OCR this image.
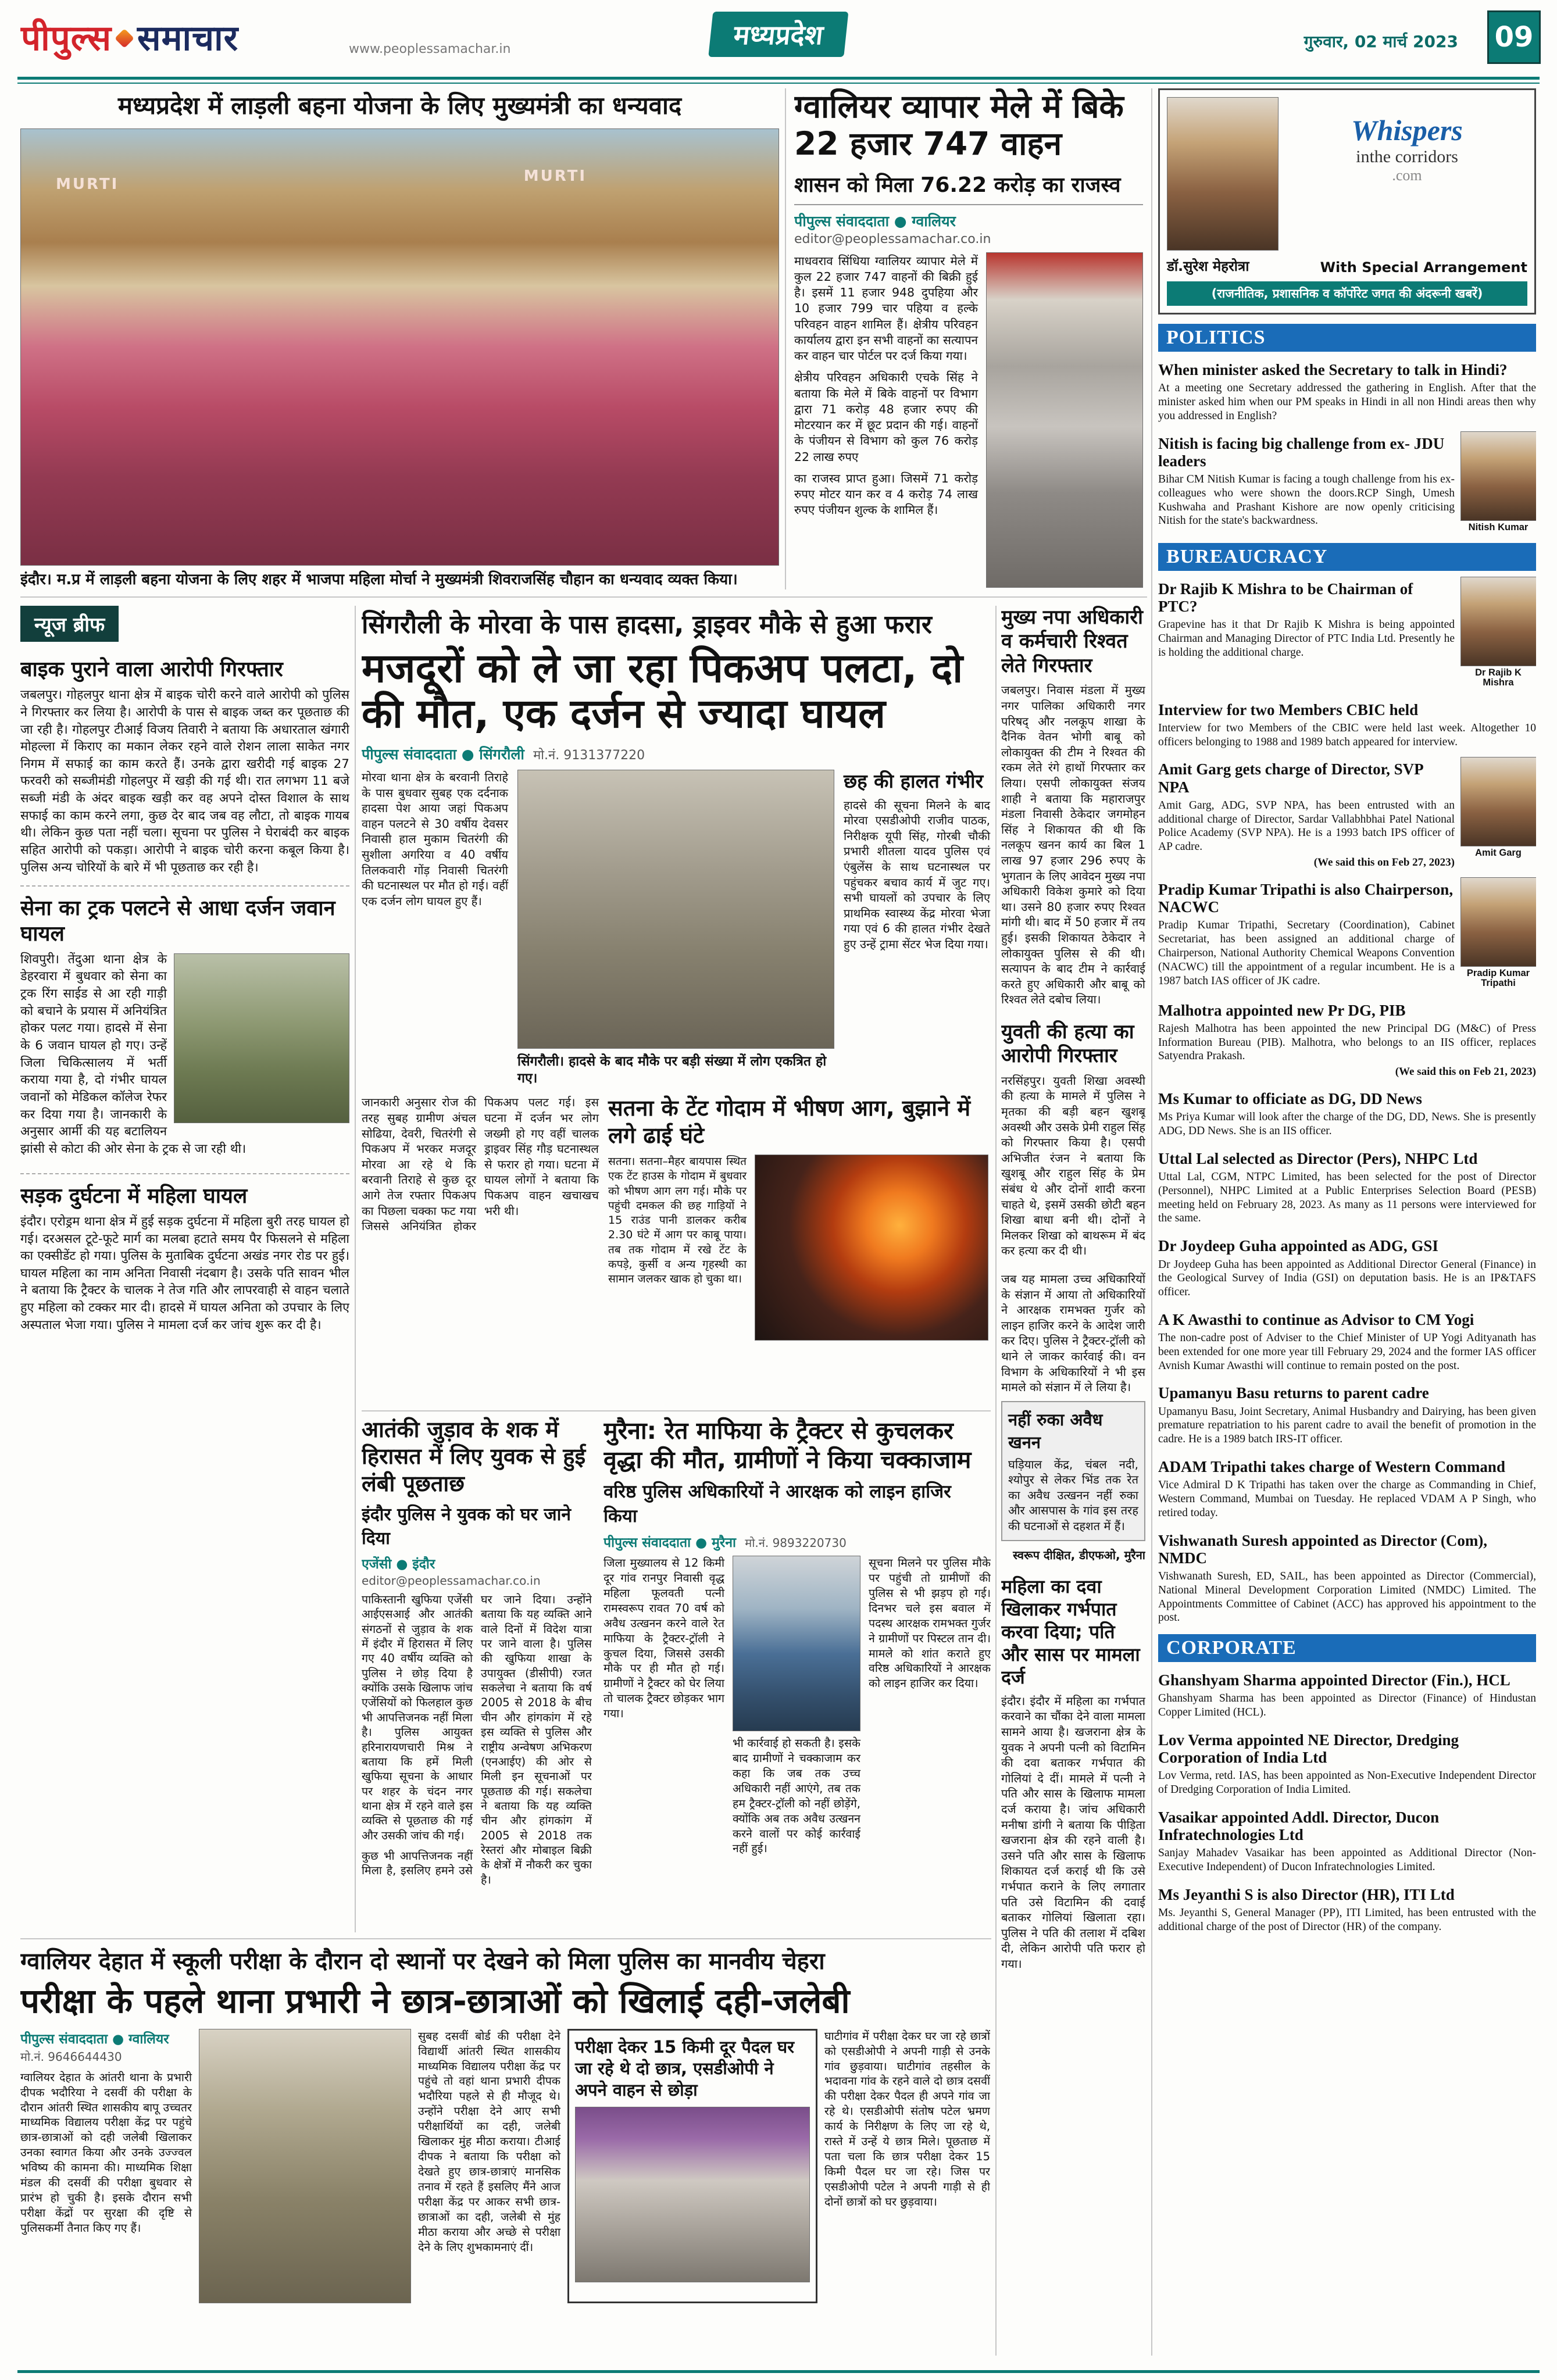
पीपुल्स समाचार	www.peoplessamachar.in	मध्यप्रदेश	गुरुवार, 02 मार्च 2023 09
मध्यप्रदेश में लाड़ली बहना योजना के लिए मुख्यमंत्री का धन्यवाद
MURTI	MURTI
इंदौर। म.प्र में लाड़ली बहना योजना के लिए शहर में भाजपा महिला मोर्चा ने मुख्यमंत्री शिवराजसिंह चौहान का धन्यवाद व्यक्त किया।
ग्वालियर व्यापार मेले में बिके 22 हजार 747 वाहन
शासन को मिला 76.22 करोड़ का राजस्व
पीपुल्स संवाददाता ● ग्वालियर
editor@peoplessamachar.co.in

माधवराव सिंधिया ग्वालियर व्यापार मेले में कुल 22 हजार 747 वाहनों की बिक्री हुई है। इसमें 11 हजार 948 दुपहिया और 10 हजार 799 चार पहिया व हल्के परिवहन वाहन शामिल हैं। क्षेत्रीय परिवहन कार्यालय द्वारा इन सभी वाहनों का सत्यापन कर वाहन चार पोर्टल पर दर्ज किया गया।

क्षेत्रीय परिवहन अधिकारी एचके सिंह ने बताया कि मेले में बिके वाहनों पर विभाग द्वारा 71 करोड़ 48 हजार रुपए की मोटरयान कर में छूट प्रदान की गई। वाहनों के पंजीयन से विभाग को कुल 76 करोड़ 22 लाख रुपए

का राजस्व प्राप्त हुआ। जिसमें 71 करोड़ रुपए मोटर यान कर व 4 करोड़ 74 लाख रुपए पंजीयन शुल्क के शामिल हैं।

Whispers
inthe corridors
.com
डॉ.सुरेश मेहरोत्रा	With Special Arrangement
(राजनीतिक, प्रशासनिक व कॉर्पोरेट जगत की अंदरूनी खबरें)
POLITICS
When minister asked the Secretary to talk in Hindi?
At a meeting one Secretary addressed the gathering in English. After that the minister asked him when our PM speaks in Hindi in all non Hindi areas then why you addressed in English?
Nitish Kumar
Nitish is facing big challenge from ex- JDU leaders
Bihar CM Nitish Kumar is facing a tough challenge from his ex- colleagues who were shown the doors.RCP Singh, Umesh Kushwaha and Prashant Kishore are now openly criticising Nitish for the state's backwardness.
BUREAUCRACY
Dr Rajib K Mishra
Dr Rajib K Mishra to be Chairman of PTC?
Grapevine has it that Dr Rajib K Mishra is being appointed Chairman and Managing Director of PTC India Ltd. Presently he is holding the additional charge.
Interview for two Members CBIC held
Interview for two Members of the CBIC were held last week. Altogether 10 officers belonging to 1988 and 1989 batch appeared for interview.
Amit Garg
Amit Garg gets charge of Director, SVP NPA
Amit Garg, ADG, SVP NPA, has been entrusted with an additional charge of Director, Sardar Vallabhbhai Patel National Police Academy (SVP NPA). He is a 1993 batch IPS officer of AP cadre.
(We said this on Feb 27, 2023)
Pradip Kumar Tripathi
Pradip Kumar Tripathi is also Chairperson, NACWC
Pradip Kumar Tripathi, Secretary (Coordination), Cabinet Secretariat, has been assigned an additional charge of Chairperson, National Authority Chemical Weapons Convention (NACWC) till the appointment of a regular incumbent. He is a 1987 batch IAS officer of JK cadre.
Malhotra appointed new Pr DG, PIB
Rajesh Malhotra has been appointed the new Principal DG (M&C) of Press Information Bureau (PIB). Malhotra, who belongs to an IIS officer, replaces Satyendra Prakash.
(We said this on Feb 21, 2023)
Ms Kumar to officiate as DG, DD News
Ms Priya Kumar will look after the charge of the DG, DD, News. She is presently ADG, DD News. She is an IIS officer.
Uttal Lal selected as Director (Pers), NHPC Ltd
Uttal Lal, CGM, NTPC Limited, has been selected for the post of Director (Personnel), NHPC Limited at a Public Enterprises Selection Board (PESB) meeting held on February 28, 2023. As many as 11 persons were interviewed for the same.
Dr Joydeep Guha appointed as ADG, GSI
Dr Joydeep Guha has been appointed as Additional Director General (Finance) in the Geological Survey of India (GSI) on deputation basis. He is an IP&TAFS officer.
A K Awasthi to continue as Advisor to CM Yogi
The non-cadre post of Adviser to the Chief Minister of UP Yogi Adityanath has been extended for one more year till February 29, 2024 and the former IAS officer Avnish Kumar Awasthi will continue to remain posted on the post.
Upamanyu Basu returns to parent cadre
Upamanyu Basu, Joint Secretary, Animal Husbandry and Dairying, has been given premature repatriation to his parent cadre to avail the benefit of promotion in the cadre. He is a 1989 batch IRS-IT officer.
ADAM Tripathi takes charge of Western Command
Vice Admiral D K Tripathi has taken over the charge as Commanding in Chief, Western Command, Mumbai on Tuesday. He replaced VDAM A P Singh, who retired today.
Vishwanath Suresh appointed as Director (Com), NMDC
Vishwanath Suresh, ED, SAIL, has been appointed as Director (Commercial), National Mineral Development Corporation Limited (NMDC) Limited. The Appointments Committee of Cabinet (ACC) has approved his appointment to the post.
CORPORATE
Ghanshyam Sharma appointed Director (Fin.), HCL
Ghanshyam Sharma has been appointed as Director (Finance) of Hindustan Copper Limited (HCL).
Lov Verma appointed NE Director, Dredging Corporation of India Ltd
Lov Verma, retd. IAS, has been appointed as Non-Executive Independent Director of Dredging Corporation of India Limited.
Vasaikar appointed Addl. Director, Ducon Infratechnologies Ltd
Sanjay Mahadev Vasaikar has been appointed as Additional Director (Non-Executive Independent) of Ducon Infratechnologies Limited.
Ms Jeyanthi S is also Director (HR), ITI Ltd
Ms. Jeyanthi S, General Manager (PP), ITI Limited, has been entrusted with the additional charge of the post of Director (HR) of the company.
न्यूज ब्रीफ
बाइक पुराने वाला आरोपी गिरफ्तार

जबलपुर। गोहलपुर थाना क्षेत्र में बाइक चोरी करने वाले आरोपी को पुलिस ने गिरफ्तार कर लिया है। आरोपी के पास से बाइक जब्त कर पूछताछ की जा रही है। गोहलपुर टीआई विजय तिवारी ने बताया कि अधारताल खंगारी मोहल्ला में किराए का मकान लेकर रहने वाले रोशन लाला साकेत नगर निगम में सफाई का काम करते हैं। उनके द्वारा खरीदी गई बाइक 27 फरवरी को सब्जीमंडी गोहलपुर में खड़ी की गई थी। रात लगभग 11 बजे सब्जी मंडी के अंदर बाइक खड़ी कर वह अपने दोस्त विशाल के साथ सफाई का काम करने लगा, कुछ देर बाद जब वह लौटा, तो बाइक गायब थी। लेकिन कुछ पता नहीं चला। सूचना पर पुलिस ने घेराबंदी कर बाइक सहित आरोपी को पकड़ा। आरोपी ने बाइक चोरी करना कबूल किया है। पुलिस अन्य चोरियों के बारे में भी पूछताछ कर रही है।

सेना का ट्रक पलटने से आधा दर्जन जवान घायल

शिवपुरी। तेंदुआ थाना क्षेत्र के डेहरवारा में बुधवार को सेना का ट्रक रिंग साईड से आ रही गाड़ी को बचाने के प्रयास में अनियंत्रित होकर पलट गया। हादसे में सेना के 6 जवान घायल हो गए। उन्हें जिला चिकित्सालय में भर्ती कराया गया है, दो गंभीर घायल जवानों को मेडिकल कॉलेज रेफर कर दिया गया है। जानकारी के अनुसार आर्मी की यह बटालियन झांसी से कोटा की ओर सेना के ट्रक से जा रही थी।

सड़क दुर्घटना में महिला घायल

इंदौर। एरोड्रम थाना क्षेत्र में हुई सड़क दुर्घटना में महिला बुरी तरह घायल हो गई। दरअसल टूटे-फूटे मार्ग का मलबा हटाते समय पैर फिसलने से महिला का एक्सीडेंट हो गया। पुलिस के मुताबिक दुर्घटना अखंड नगर रोड पर हुई। घायल महिला का नाम अनिता निवासी नंदबाग है। उसके पति सावन भील ने बताया कि ट्रैक्टर के चालक ने तेज गति और लापरवाही से वाहन चलाते हुए महिला को टक्कर मार दी। हादसे में घायल अनिता को उपचार के लिए अस्पताल भेजा गया। पुलिस ने मामला दर्ज कर जांच शुरू कर दी है।

सिंगरौली के मोरवा के पास हादसा, ड्राइवर मौके से हुआ फरार
मजदूरों को ले जा रहा पिकअप पलटा, दो की मौत, एक दर्जन से ज्यादा घायल
पीपुल्स संवाददाता ● सिंगरौली मो.नं. 9131377220

मोरवा थाना क्षेत्र के बरवानी तिराहे के पास बुधवार सुबह एक दर्दनाक हादसा पेश आया जहां पिकअप वाहन पलटने से 30 वर्षीय देवसर निवासी हाल मुकाम चितरंगी की सुशीला अगरिया व 40 वर्षीय तिलकवारी गोंड़ निवासी चितरंगी की घटनास्थल पर मौत हो गई। वहीं एक दर्जन लोग घायल हुए हैं।

सिंगरौली। हादसे के बाद मौके पर बड़ी संख्या में लोग एकत्रित हो गए।
छह की हालत गंभीर

हादसे की सूचना मिलने के बाद मोरवा एसडीओपी राजीव पाठक, निरीक्षक यूपी सिंह, गोरबी चौकी प्रभारी शीतला यादव पुलिस एवं एंबुलेंस के साथ घटनास्थल पर पहुंचकर बचाव कार्य में जुट गए। सभी घायलों को उपचार के लिए प्राथमिक स्वास्थ्य केंद्र मोरवा भेजा गया एवं 6 की हालत गंभीर देखते हुए उन्हें ट्रामा सेंटर भेज दिया गया।

जानकारी अनुसार रोज की तरह सुबह ग्रामीण अंचल सोढिया, देवरी, चितरंगी से पिकअप में भरकर मजदूर मोरवा आ रहे थे कि बरवानी तिराहे से कुछ दूर आगे तेज रफ्तार पिकअप का पिछला चक्का फट गया जिससे अनियंत्रित होकर पिकअप पलट गई। इस घटना में दर्जन भर लोग जख्मी हो गए वहीं चालक ड्राइवर सिंह गौड़ घटनास्थल से फरार हो गया। घटना में घायल लोगों ने बताया कि पिकअप वाहन खचाखच भरी थी।

सतना के टेंट गोदाम में भीषण आग, बुझाने में लगे ढाई घंटे

सतना। सतना–मैहर बायपास स्थित एक टेंट हाउस के गोदाम में बुधवार को भीषण आग लग गई। मौके पर पहुंची दमकल की छह गाड़ियों ने 15 राउंड पानी डालकर करीब 2.30 घंटे में आग पर काबू पाया। तब तक गोदाम में रखे टेंट के कपड़े, कुर्सी व अन्य गृहस्थी का सामान जलकर खाक हो चुका था।

आतंकी जुड़ाव के शक में हिरासत में लिए युवक से हुई लंबी पूछताछ
इंदौर पुलिस ने युवक को घर जाने दिया
एजेंसी ● इंदौर
editor@peoplessamachar.co.in

पाकिस्तानी खुफिया एजेंसी आईएसआई और आतंकी संगठनों से जुड़ाव के शक में इंदौर में हिरासत में लिए गए 40 वर्षीय व्यक्ति को पुलिस ने छोड़ दिया है क्योंकि उसके खिलाफ जांच एजेंसियों को फिलहाल कुछ भी आपत्तिजनक नहीं मिला है। पुलिस आयुक्त हरिनारायणचारी मिश्र ने बताया कि हमें मिली खुफिया सूचना के आधार पर शहर के चंदन नगर थाना क्षेत्र में रहने वाले इस व्यक्ति से पूछताछ की गई और उसकी जांच की गई।

कुछ भी आपत्तिजनक नहीं मिला है, इसलिए हमने उसे घर जाने दिया। उन्होंने बताया कि यह व्यक्ति आने वाले दिनों में विदेश यात्रा पर जाने वाला है। पुलिस की खुफिया शाखा के उपायुक्त (डीसीपी) रजत सकलेचा ने बताया कि वर्ष 2005 से 2018 के बीच चीन और हांगकांग में रहे इस व्यक्ति से पुलिस और राष्ट्रीय अन्वेषण अभिकरण (एनआईए) की ओर से मिली इन सूचनाओं पर पूछताछ की गई। सकलेचा ने बताया कि यह व्यक्ति चीन और हांगकांग में 2005 से 2018 तक रेस्तरां और मोबाइल बिक्री के क्षेत्रों में नौकरी कर चुका है।

मुरैना: रेत माफिया के ट्रैक्टर से कुचलकर वृद्धा की मौत, ग्रामीणों ने किया चक्काजाम
वरिष्ठ पुलिस अधिकारियों ने आरक्षक को लाइन हाजिर किया
पीपुल्स संवाददाता ● मुरैना मो.नं. 9893220730

जिला मुख्यालय से 12 किमी दूर गांव रानपुर निवासी वृद्ध महिला फूलवती पत्नी रामस्वरूप रावत 70 वर्ष को अवैध उत्खनन करने वाले रेत माफिया के ट्रैक्टर-ट्रॉली ने कुचल दिया, जिससे उसकी मौके पर ही मौत हो गई। ग्रामीणों ने ट्रैक्टर को घेर लिया तो चालक ट्रैक्टर छोड़कर भाग गया।

भी कार्रवाई हो सकती है। इसके बाद ग्रामीणों ने चक्काजाम कर कहा कि जब तक उच्च अधिकारी नहीं आएंगे, तब तक हम ट्रैक्टर-ट्रॉली को नहीं छोड़ेंगे, क्योंकि अब तक अवैध उत्खनन करने वालों पर कोई कार्रवाई नहीं हुई।

सूचना मिलने पर पुलिस मौके पर पहुंची तो ग्रामीणों की पुलिस से भी झड़प हो गई। दिनभर चले इस बवाल में पदस्थ आरक्षक रामभक्त गुर्जर ने ग्रामीणों पर पिस्टल तान दी। मामले को शांत कराते हुए वरिष्ठ अधिकारियों ने आरक्षक को लाइन हाजिर कर दिया।

मुख्य नपा अधिकारी व कर्मचारी रिश्वत लेते गिरफ्तार

जबलपुर। निवास मंडला में मुख्य नगर पालिका अधिकारी नगर परिषद् और नलकूप शाखा के दैनिक वेतन भोगी बाबू को लोकायुक्त की टीम ने रिश्वत की रकम लेते रंगे हाथों गिरफ्तार कर लिया। एसपी लोकायुक्त संजय शाही ने बताया कि महाराजपुर मंडला निवासी ठेकेदार जगमोहन सिंह ने शिकायत की थी कि नलकूप खनन कार्य का बिल 1 लाख 97 हजार 296 रुपए के भुगतान के लिए आवेदन मुख्य नपा अधिकारी विकेश कुमारे को दिया था। उसने 80 हजार रुपए रिश्वत मांगी थी। बाद में 50 हजार में तय हुई। इसकी शिकायत ठेकेदार ने लोकायुक्त पुलिस से की थी। सत्यापन के बाद टीम ने कार्रवाई करते हुए अधिकारी और बाबू को रिश्वत लेते दबोच लिया।

युवती की हत्या का आरोपी गिरफ्तार

नरसिंहपुर। युवती शिखा अवस्थी की हत्या के मामले में पुलिस ने मृतका की बड़ी बहन खुशबू अवस्थी और उसके प्रेमी राहुल सिंह को गिरफ्तार किया है। एसपी अभिजीत रंजन ने बताया कि खुशबू और राहुल सिंह के प्रेम संबंध थे और दोनों शादी करना चाहते थे, इसमें उसकी छोटी बहन शिखा बाधा बनी थी। दोनों ने मिलकर शिखा को बाथरूम में बंद कर हत्या कर दी थी।

जब यह मामला उच्च अधिकारियों के संज्ञान में आया तो अधिकारियों ने आरक्षक रामभक्त गुर्जर को लाइन हाजिर करने के आदेश जारी कर दिए। पुलिस ने ट्रैक्टर-ट्रॉली को थाने ले जाकर कार्रवाई की। वन विभाग के अधिकारियों ने भी इस मामले को संज्ञान में ले लिया है।

नहीं रुका अवैध खनन

घड़ियाल केंद्र, चंबल नदी, श्योपुर से लेकर भिंड तक रेत का अवैध उत्खनन नहीं रुका और आसपास के गांव इस तरह की घटनाओं से दहशत में हैं।

स्वरूप दीक्षित, डीएफओ, मुरैना
महिला का दवा खिलाकर गर्भपात करवा दिया; पति और सास पर मामला दर्ज

इंदौर। इंदौर में महिला का गर्भपात करवाने का चौंका देने वाला मामला सामने आया है। खजराना क्षेत्र के युवक ने अपनी पत्नी को विटामिन की दवा बताकर गर्भपात की गोलियां दे दीं। मामले में पत्नी ने पति और सास के खिलाफ मामला दर्ज कराया है। जांच अधिकारी मनीषा डांगी ने बताया कि पीड़िता खजराना क्षेत्र की रहने वाली है। उसने पति और सास के खिलाफ शिकायत दर्ज कराई थी कि उसे गर्भपात कराने के लिए लगातार पति उसे विटामिन की दवाई बताकर गोलियां खिलाता रहा। पुलिस ने पति की तलाश में दबिश दी, लेकिन आरोपी पति फरार हो गया।

ग्वालियर देहात में स्कूली परीक्षा के दौरान दो स्थानों पर देखने को मिला पुलिस का मानवीय चेहरा
परीक्षा के पहले थाना प्रभारी ने छात्र-छात्राओं को खिलाई दही-जलेबी
पीपुल्स संवाददाता ● ग्वालियर
मो.नं. 9646644430

ग्वालियर देहात के आंतरी थाना के प्रभारी दीपक भदौरिया ने दसवीं की परीक्षा के दौरान आंतरी स्थित शासकीय बापू उच्चतर माध्यमिक विद्यालय परीक्षा केंद्र पर पहुंचे छात्र-छात्राओं को दही जलेबी खिलाकर उनका स्वागत किया और उनके उज्ज्वल भविष्य की कामना की। माध्यमिक शिक्षा मंडल की दसवीं की परीक्षा बुधवार से प्रारंभ हो चुकी है। इसके दौरान सभी परीक्षा केंद्रों पर सुरक्षा की दृष्टि से पुलिसकर्मी तैनात किए गए हैं।

सुबह दसवीं बोर्ड की परीक्षा देने विद्यार्थी आंतरी स्थित शासकीय माध्यमिक विद्यालय परीक्षा केंद्र पर पहुंचे तो वहां थाना प्रभारी दीपक भदौरिया पहले से ही मौजूद थे। उन्होंने परीक्षा देने आए सभी परीक्षार्थियों का दही, जलेबी खिलाकर मुंह मीठा कराया। टीआई दीपक ने बताया कि परीक्षा को देखते हुए छात्र-छात्राएं मानसिक तनाव में रहते हैं इसलिए मैंने आज परीक्षा केंद्र पर आकर सभी छात्र-छात्राओं का दही, जलेबी से मुंह मीठा कराया और अच्छे से परीक्षा देने के लिए शुभकामनाएं दीं।

परीक्षा देकर 15 किमी दूर पैदल घर जा रहे थे दो छात्र, एसडीओपी ने अपने वाहन से छोड़ा

घाटीगांव में परीक्षा देकर घर जा रहे छात्रों को एसडीओपी ने अपनी गाड़ी से उनके गांव छुड़वाया। घाटीगांव तहसील के भदावना गांव के रहने वाले दो छात्र दसवीं की परीक्षा देकर पैदल ही अपने गांव जा रहे थे। एसडीओपी संतोष पटेल भ्रमण कार्य के निरीक्षण के लिए जा रहे थे, रास्ते में उन्हें ये छात्र मिले। पूछताछ में पता चला कि छात्र परीक्षा देकर 15 किमी पैदल घर जा रहे। जिस पर एसडीओपी पटेल ने अपनी गाड़ी से ही दोनों छात्रों को घर छुड़वाया।
